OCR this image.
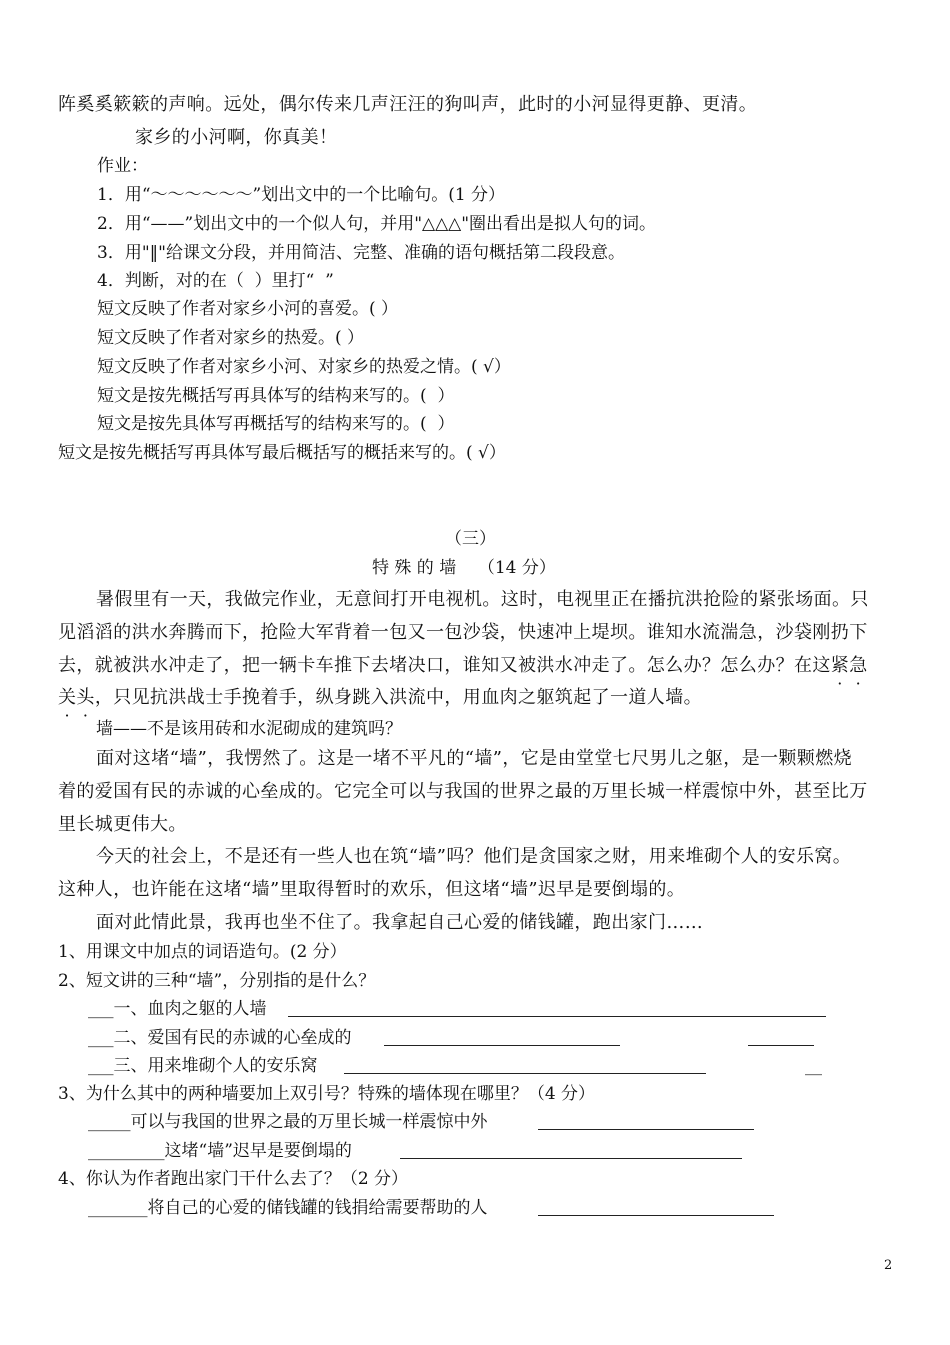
阵奚奚簌簌的声响。远处，偶尔传来几声汪汪的狗叫声，此时的小河显得更静、更清。
家乡的小河啊，你真美！
作业：
1．用“～～～～～～”划出文中的一个比喻句。(1 分）
2．用“——”划出文中的一个似人句，并用"△△△"圈出看出是拟人句的词。
3．用"‖"给课文分段，并用简洁、完整、准确的语句概括第二段段意。
4．判断，对的在（  ）里打“  ”
短文反映了作者对家乡小河的喜爱。( ）
短文反映了作者对家乡的热爱。( ）
短文反映了作者对家乡小河、对家乡的热爱之情。( √）
短文是按先概括写再具体写的结构来写的。(  ）
短文是按先具体写再概括写的结构来写的。(  ）
短文是按先概括写再具体写最后概括写的概括来写的。( √）
（三）
特 殊 的 墙    （14 分）
暑假里有一天，我做完作业，无意间打开电视机。这时，电视里正在播抗洪抢险的紧张场面。只
见滔滔的洪水奔腾而下，抢险大军背着一包又一包沙袋，快速冲上堤坝。谁知水流湍急，沙袋刚扔下
去，就被洪水冲走了，把一辆卡车推下去堵决口，谁知又被洪水冲走了。怎么办？怎么办？在这紧急
关头，只见抗洪战士手挽着手，纵身跳入洪流中，用血肉之躯筑起了一道人墙。
墙——不是该用砖和水泥砌成的建筑吗？
面对这堵“墙”，我愣然了。这是一堵不平凡的“墙”，它是由堂堂七尺男儿之躯，是一颗颗燃烧
着的爱国有民的赤诚的心垒成的。它完全可以与我国的世界之最的万里长城一样震惊中外，甚至比万
里长城更伟大。
今天的社会上，不是还有一些人也在筑“墙”吗？他们是贪国家之财，用来堆砌个人的安乐窝。
这种人，也许能在这堵“墙”里取得暂时的欢乐，但这堵“墙”迟早是要倒塌的。
面对此情此景，我再也坐不住了。我拿起自己心爱的储钱罐，跑出家门……
1、用课文中加点的词语造句。(2 分）
2、短文讲的三种“墙”，分别指的是什么？
___一、血肉之躯的人墙
___二、爱国有民的赤诚的心垒成的
___三、用来堆砌个人的安乐窝	__
3、为什么其中的两种墙要加上双引号？特殊的墙体现在哪里？（4 分）
_____可以与我国的世界之最的万里长城一样震惊中外
_________这堵“墙”迟早是要倒塌的
4、你认为作者跑出家门干什么去了？（2 分）
_______将自己的心爱的储钱罐的钱捐给需要帮助的人
2
